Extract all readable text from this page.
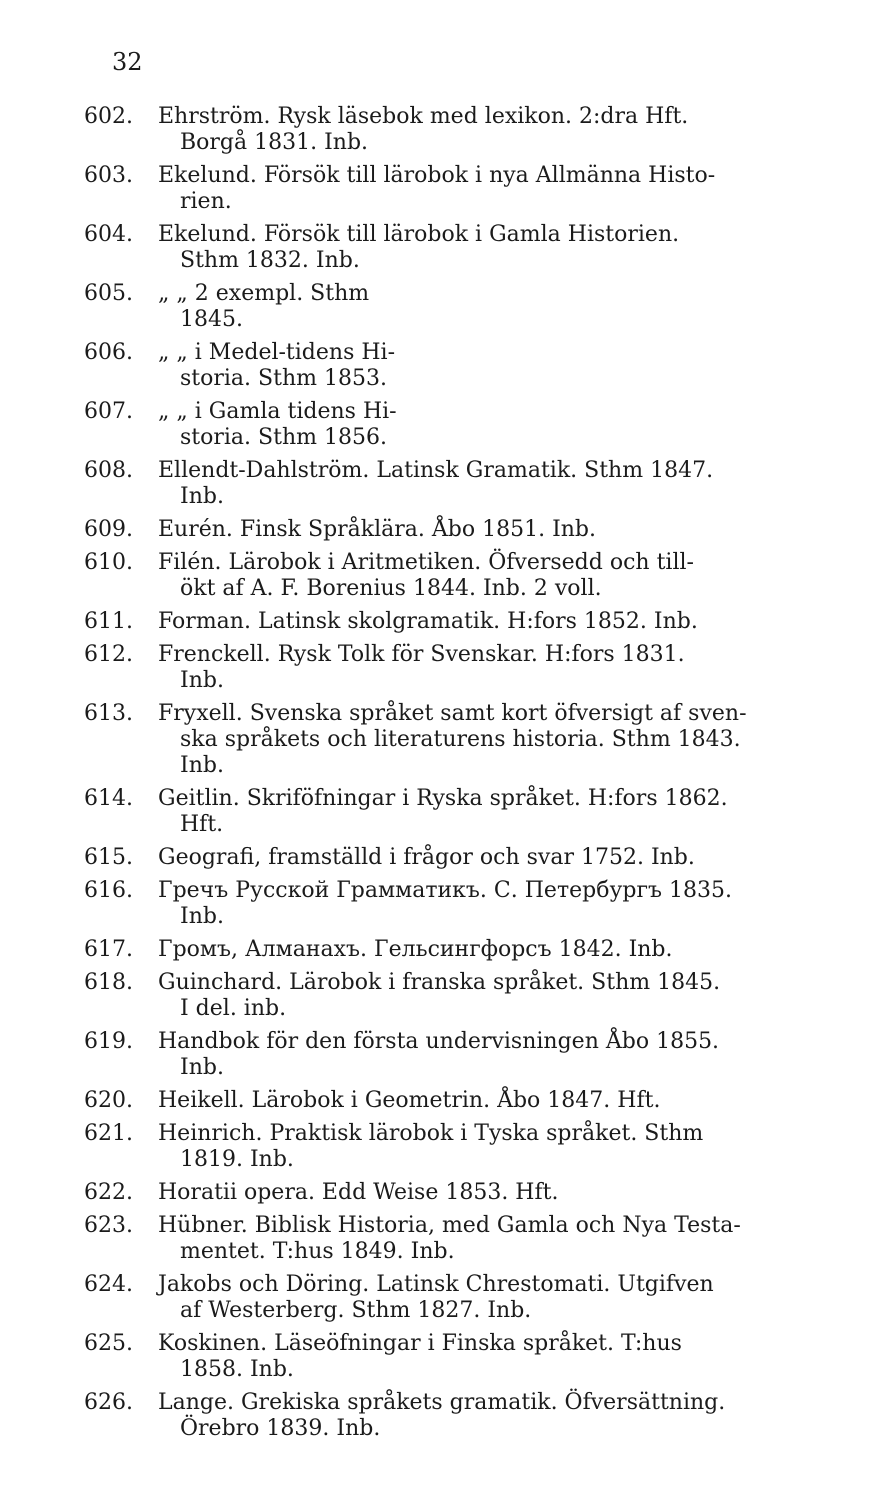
32
602. Ehrström. Rysk läsebok med lexikon. 2:dra Hft.
Borgå 1831. Inb.
603. Ekelund. Försök till lärobok i nya Allmänna Histo-
rien.
604. Ekelund. Försök till lärobok i Gamla Historien.
Sthm 1832. Inb.
605. „ „ 2 exempl. Sthm
1845.
606. „ „ i Medel-tidens Hi-
storia. Sthm 1853.
607. „ „ i Gamla tidens Hi-
storia. Sthm 1856.
608. Ellendt-Dahlström. Latinsk Gramatik. Sthm 1847.
Inb.
609. Eurén. Finsk Språklära. Åbo 1851. Inb.
610. Filén. Lärobok i Aritmetiken. Öfversedd och till-
ökt af A. F. Borenius 1844. Inb. 2 voll.
611. Forman. Latinsk skolgramatik. H:fors 1852. Inb.
612. Frenckell. Rysk Tolk för Svenskar. H:fors 1831.
Inb.
613. Fryxell. Svenska språket samt kort öfversigt af sven-
ska språkets och literaturens historia. Sthm 1843.
Inb.
614. Geitlin. Skriföfningar i Ryska språket. H:fors 1862.
Hft.
615. Geografi, framställd i frågor och svar 1752. Inb.
616. Гречъ Русской Грамматикъ. С. Петербургъ 1835.
Inb.
617. Громъ, Алманахъ. Гельсингфорсъ 1842. Inb.
618. Guinchard. Lärobok i franska språket. Sthm 1845.
I del. inb.
619. Handbok för den första undervisningen Åbo 1855.
Inb.
620. Heikell. Lärobok i Geometrin. Åbo 1847. Hft.
621. Heinrich. Praktisk lärobok i Tyska språket. Sthm
1819. Inb.
622. Horatii opera. Edd Weise 1853. Hft.
623. Hübner. Biblisk Historia, med Gamla och Nya Testa-
mentet. T:hus 1849. Inb.
624. Jakobs och Döring. Latinsk Chrestomati. Utgifven
af Westerberg. Sthm 1827. Inb.
625. Koskinen. Läseöfningar i Finska språket. T:hus
1858. Inb.
626. Lange. Grekiska språkets gramatik. Öfversättning.
Örebro 1839. Inb.
